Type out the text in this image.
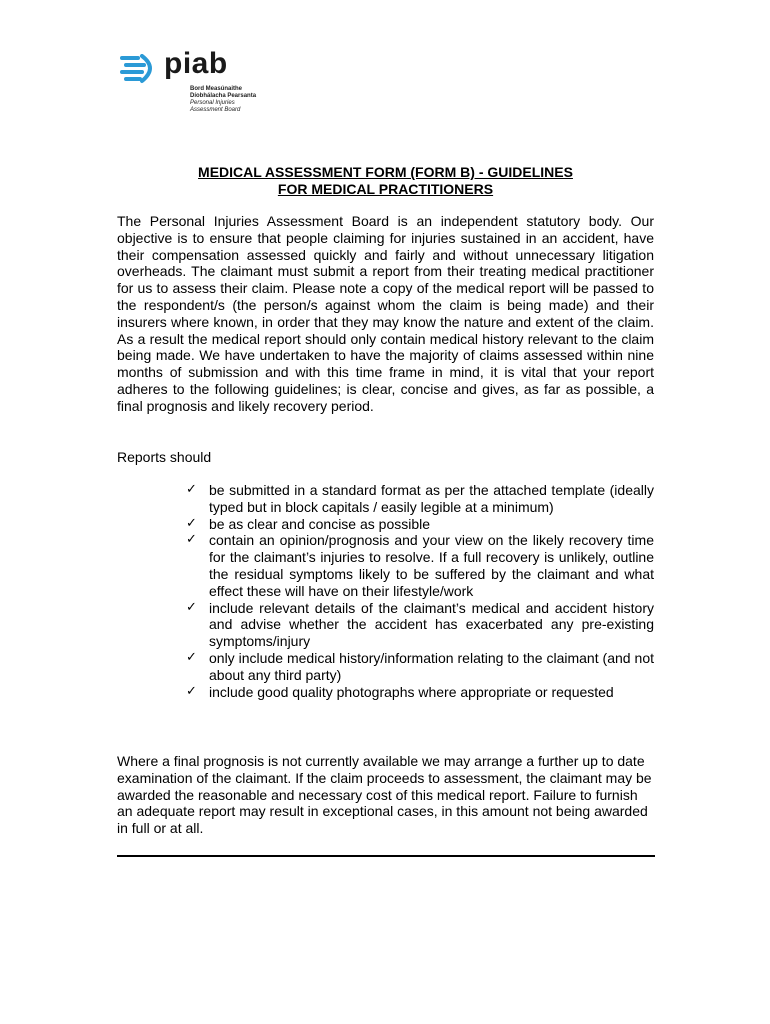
piab
Bord Measúnaithe
Díobhálacha Pearsanta
Personal Injuries
Assessment Board
MEDICAL ASSESSMENT FORM (FORM B) - GUIDELINES
FOR MEDICAL PRACTITIONERS
The Personal Injuries Assessment Board is an independent statutory body. Our objective is to ensure that people claiming for injuries sustained in an accident, have their compensation assessed quickly and fairly and without unnecessary litigation overheads. The claimant must submit a report from their treating medical practitioner for us to assess their claim. Please note a copy of the medical report will be passed to the respondent/s (the person/s against whom the claim is being made) and their insurers where known, in order that they may know the nature and extent of the claim. As a result the medical report should only contain medical history relevant to the claim being made. We have undertaken to have the majority of claims assessed within nine months of submission and with this time frame in mind, it is vital that your report adheres to the following guidelines; is clear, concise and gives, as far as possible, a final prognosis and likely recovery period.
Reports should
✓ be submitted in a standard format as per the attached template (ideally typed but in block capitals / easily legible at a minimum)
✓ be as clear and concise as possible
✓ contain an opinion/prognosis and your view on the likely recovery time for the claimant’s injuries to resolve. If a full recovery is unlikely, outline the residual symptoms likely to be suffered by the claimant and what effect these will have on their lifestyle/work
✓ include relevant details of the claimant’s medical and accident history and advise whether the accident has exacerbated any pre-existing symptoms/injury
✓ only include medical history/information relating to the claimant (and not about any third party)
✓ include good quality photographs where appropriate or requested
Where a final prognosis is not currently available we may arrange a further up to date examination of the claimant. If the claim proceeds to assessment, the claimant may be awarded the reasonable and necessary cost of this medical report. Failure to furnish an adequate report may result in exceptional cases, in this amount not being awarded in full or at all.
